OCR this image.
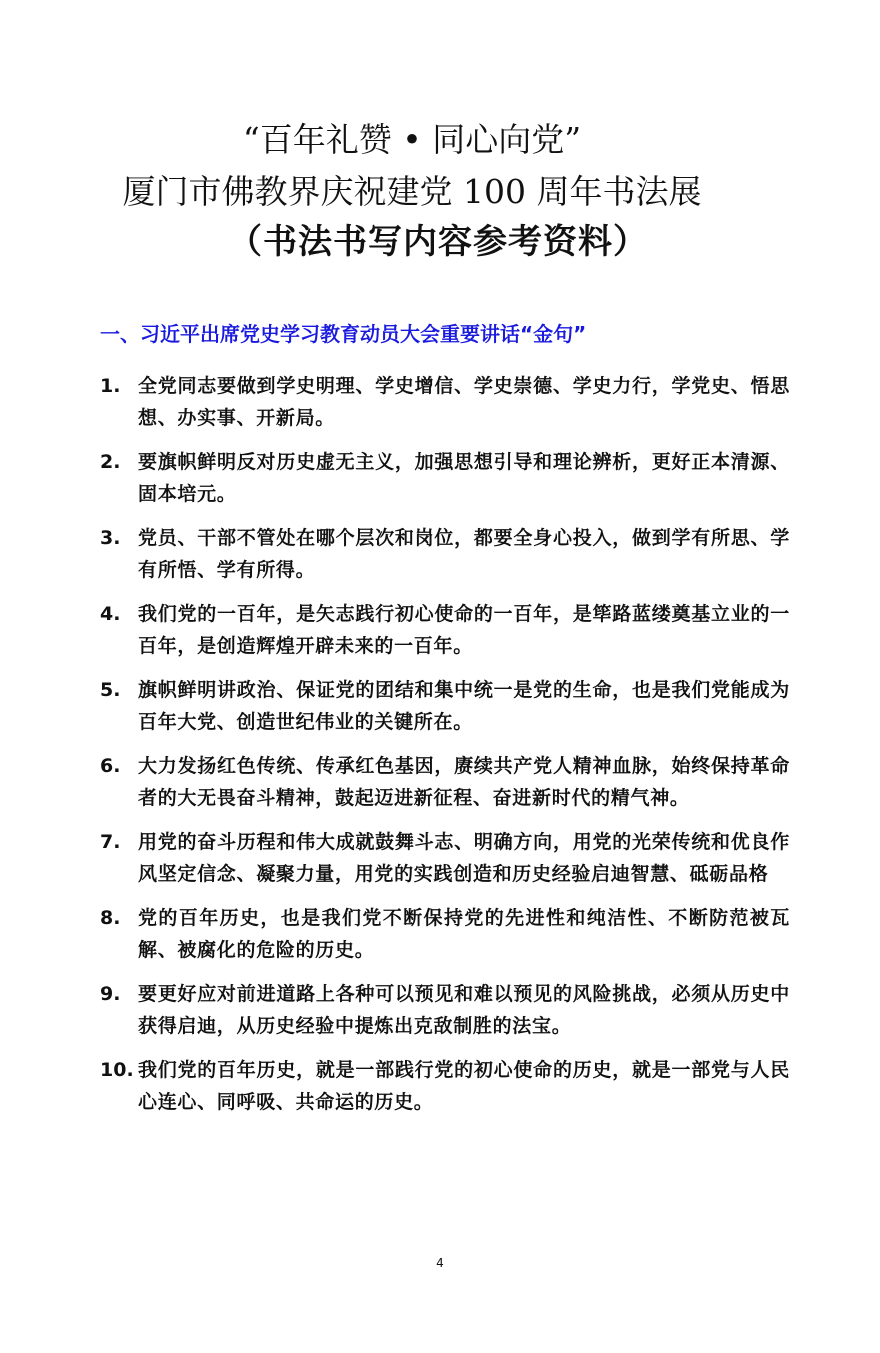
“百年礼赞 • 同心向党”
厦门市佛教界庆祝建党 100 周年书法展
（书法书写内容参考资料）
一、习近平出席党史学习教育动员大会重要讲话“金句”
1. 全党同志要做到学史明理、学史增信、学史崇德、学史力行，学党史、悟思想、办实事、开新局。
2. 要旗帜鲜明反对历史虚无主义，加强思想引导和理论辨析，更好正本清源、固本培元。
3. 党员、干部不管处在哪个层次和岗位，都要全身心投入，做到学有所思、学有所悟、学有所得。
4. 我们党的一百年，是矢志践行初心使命的一百年，是筚路蓝缕奠基立业的一百年，是创造辉煌开辟未来的一百年。
5. 旗帜鲜明讲政治、保证党的团结和集中统一是党的生命，也是我们党能成为百年大党、创造世纪伟业的关键所在。
6. 大力发扬红色传统、传承红色基因，赓续共产党人精神血脉，始终保持革命者的大无畏奋斗精神，鼓起迈进新征程、奋进新时代的精气神。
7. 用党的奋斗历程和伟大成就鼓舞斗志、明确方向，用党的光荣传统和优良作风坚定信念、凝聚力量，用党的实践创造和历史经验启迪智慧、砥砺品格
8. 党的百年历史，也是我们党不断保持党的先进性和纯洁性、不断防范被瓦解、被腐化的危险的历史。
9. 要更好应对前进道路上各种可以预见和难以预见的风险挑战，必须从历史中获得启迪，从历史经验中提炼出克敌制胜的法宝。
10. 我们党的百年历史，就是一部践行党的初心使命的历史，就是一部党与人民心连心、同呼吸、共命运的历史。
4
